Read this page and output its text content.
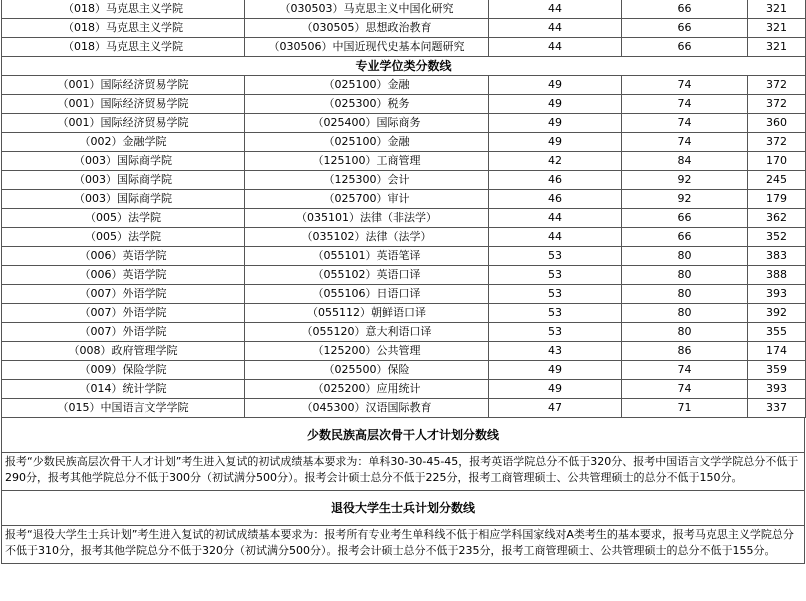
（018）马克思主义学院	（030503）马克思主义中国化研究	44	66	321
（018）马克思主义学院	（030505）思想政治教育	44	66	321
（018）马克思主义学院	（030506）中国近现代史基本问题研究	44	66	321
专业学位类分数线				
（001）国际经济贸易学院	（025100）金融	49	74	372
（001）国际经济贸易学院	（025300）税务	49	74	372
（001）国际经济贸易学院	（025400）国际商务	49	74	360
（002）金融学院	（025100）金融	49	74	372
（003）国际商学院	（125100）工商管理	42	84	170
（003）国际商学院	（125300）会计	46	92	245
（003）国际商学院	（025700）审计	46	92	179
（005）法学院	（035101）法律（非法学）	44	66	362
（005）法学院	（035102）法律（法学）	44	66	352
（006）英语学院	（055101）英语笔译	53	80	383
（006）英语学院	（055102）英语口译	53	80	388
（007）外语学院	（055106）日语口译	53	80	393
（007）外语学院	（055112）朝鲜语口译	53	80	392
（007）外语学院	（055120）意大利语口译	53	80	355
（008）政府管理学院	（125200）公共管理	43	86	174
（009）保险学院	（025500）保险	49	74	359
（014）统计学院	（025200）应用统计	49	74	393
（015）中国语言文学学院	（045300）汉语国际教育	47	71	337
少数民族高层次骨干人才计划分数线
报考“少数民族高层次骨干人才计划”考生进入复试的初试成绩基本要求为：单科30-30-45-45，报考英语学院总分不低于320分、报考中国语言文学学院总分不低于290分，报考其他学院总分不低于300分（初试满分500分）。报考会计硕士总分不低于225分，报考工商管理硕士、公共管理硕士的总分不低于150分。
退役大学生士兵计划分数线
报考“退役大学生士兵计划”考生进入复试的初试成绩基本要求为：报考所有专业考生单科线不低于相应学科国家线对A类考生的基本要求，报考马克思主义学院总分不低于310分，报考其他学院总分不低于320分（初试满分500分）。报考会计硕士总分不低于235分，报考工商管理硕士、公共管理硕士的总分不低于155分。
